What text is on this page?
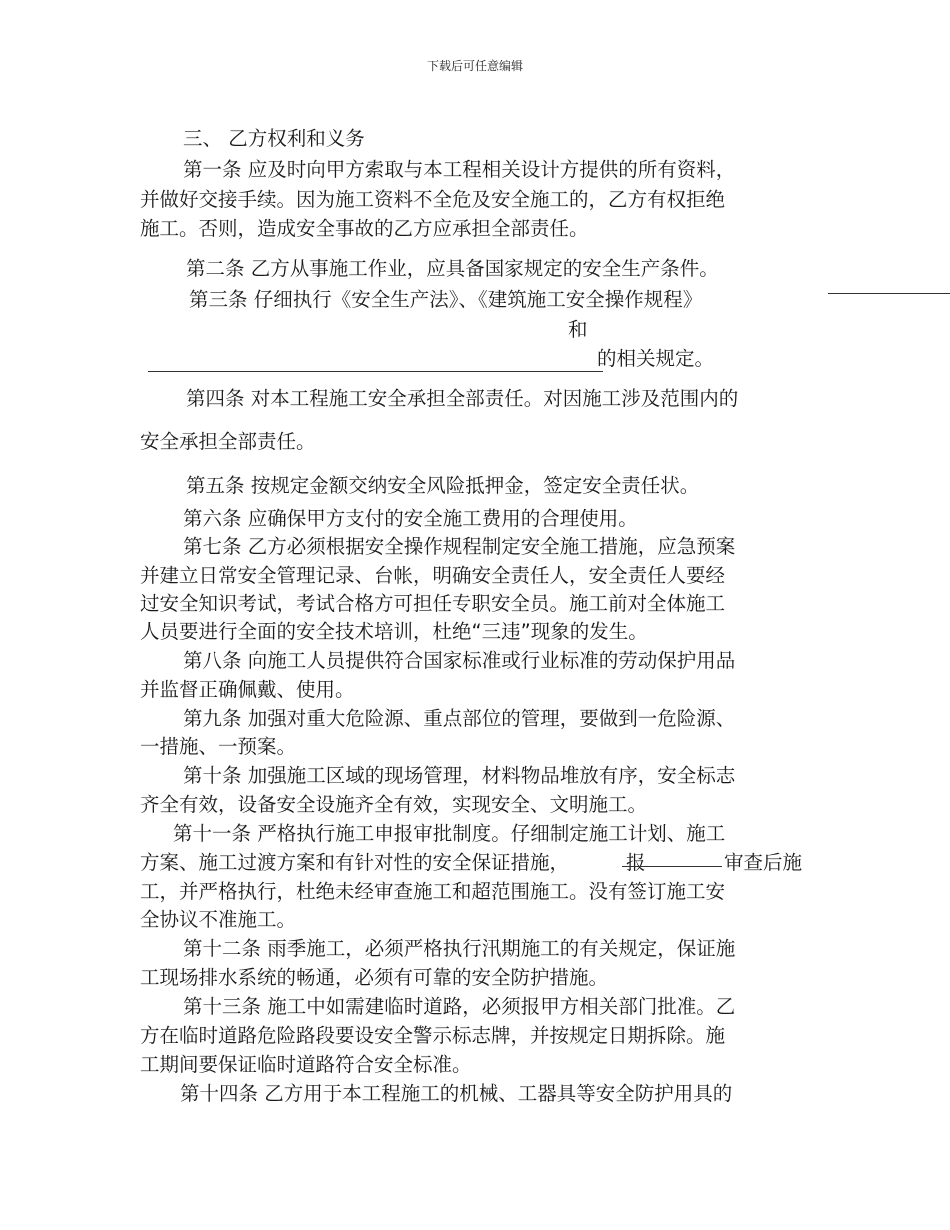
下载后可任意编辑
三、 乙方权利和义务
第一条 应及时向甲方索取与本工程相关设计方提供的所有资料，
并做好交接手续。因为施工资料不全危及安全施工的，乙方有权拒绝
施工。否则，造成安全事故的乙方应承担全部责任。
第二条 乙方从事施工作业，应具备国家规定的安全生产条件。
第三条 仔细执行《安全生产法》、《建筑施工安全操作规程》
和
的相关规定。
第四条 对本工程施工安全承担全部责任。对因施工涉及范围内的
安全承担全部责任。
第五条 按规定金额交纳安全风险抵押金，签定安全责任状。
第六条 应确保甲方支付的安全施工费用的合理使用。
第七条 乙方必须根据安全操作规程制定安全施工措施，应急预案
并建立日常安全管理记录、台帐，明确安全责任人，安全责任人要经
过安全知识考试，考试合格方可担任专职安全员。施工前对全体施工
人员要进行全面的安全技术培训，杜绝“三违”现象的发生。
第八条 向施工人员提供符合国家标准或行业标准的劳动保护用品
并监督正确佩戴、使用。
第九条 加强对重大危险源、重点部位的管理，要做到一危险源、
一措施、一预案。
第十条 加强施工区域的现场管理，材料物品堆放有序，安全标志
齐全有效，设备安全设施齐全有效，实现安全、文明施工。
第十一条 严格执行施工申报审批制度。仔细制定施工计划、施工
方案、施工过渡方案和有针对性的安全保证措施，	报	审查后施
工，并严格执行，杜绝未经审查施工和超范围施工。没有签订施工安
全协议不准施工。
第十二条 雨季施工，必须严格执行汛期施工的有关规定，保证施
工现场排水系统的畅通，必须有可靠的安全防护措施。
第十三条 施工中如需建临时道路，必须报甲方相关部门批准。乙
方在临时道路危险路段要设安全警示标志牌，并按规定日期拆除。施
工期间要保证临时道路符合安全标准。
第十四条 乙方用于本工程施工的机械、工器具等安全防护用具的
